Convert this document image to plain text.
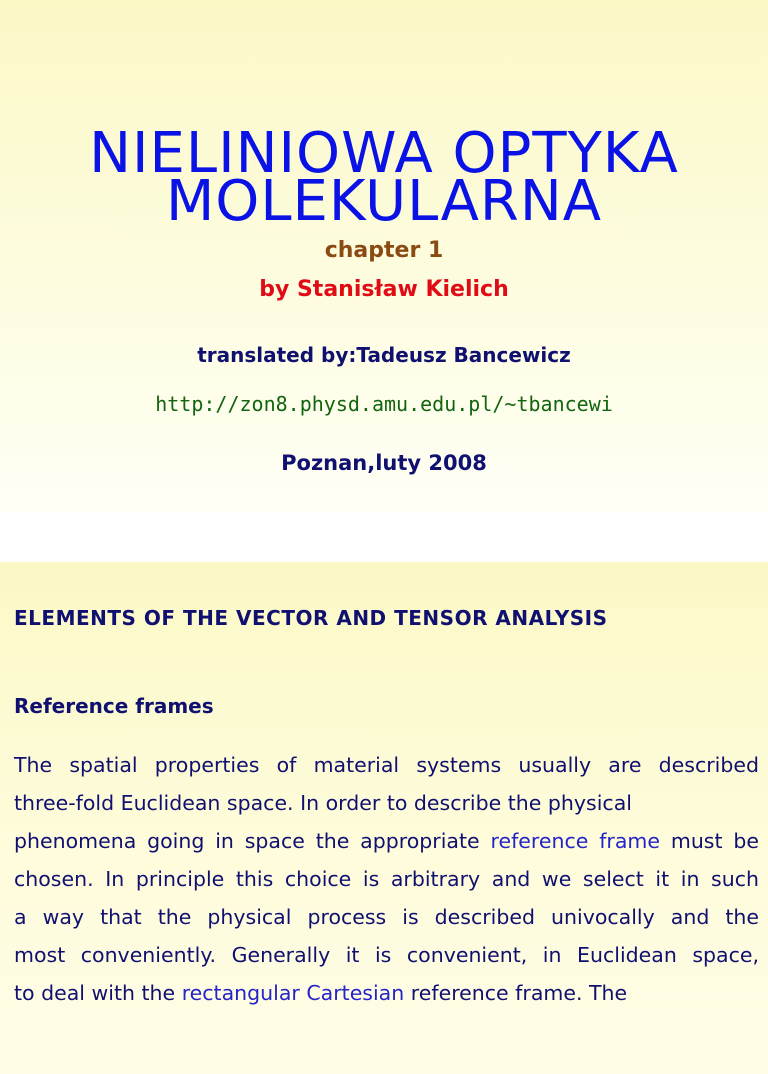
NIELINIOWA OPTYKA
MOLEKULARNA
chapter 1
by Stanisław Kielich
translated by:Tadeusz Bancewicz
http://zon8.physd.amu.edu.pl/~tbancewi
Poznan,luty 2008
ELEMENTS OF THE VECTOR AND TENSOR ANALYSIS
Reference frames
The spatial properties of material systems usually are described
three-fold Euclidean space. In order to describe the physical
phenomena going in space the appropriate reference frame must be
chosen. In principle this choice is arbitrary and we select it in such
a way that the physical process is described univocally and the
most conveniently. Generally it is convenient, in Euclidean space,
to deal with the rectangular Cartesian reference frame. The
